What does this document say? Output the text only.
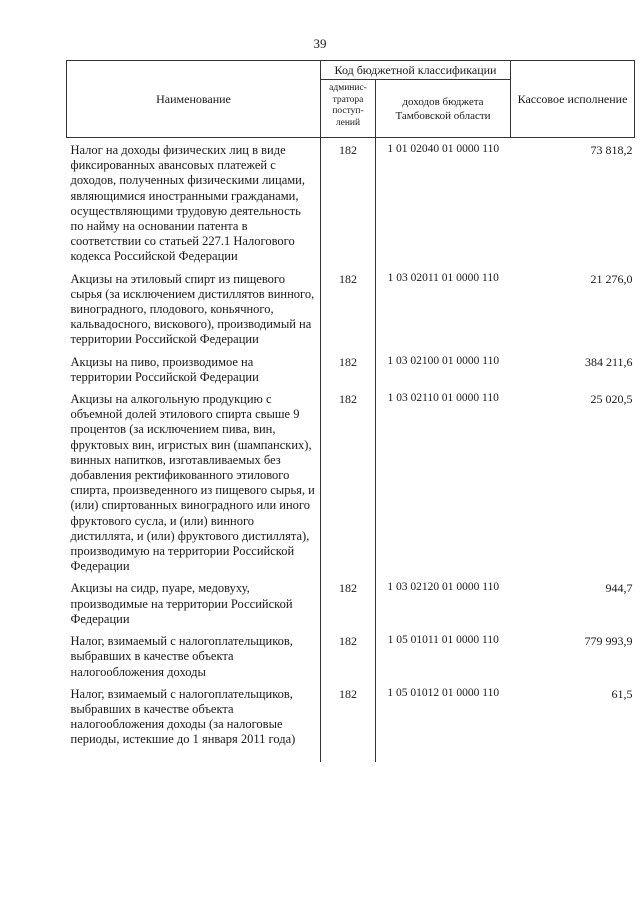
39
Наименование	Код бюджетной классификации		Кассовое исполнение
	админис-тратора поступ-лений	доходов бюджета Тамбовской области	
Налог на доходы физических лиц в виде фиксированных авансовых платежей с доходов, полученных физическими лицами, являющимися иностранными гражданами, осуществляющими трудовую деятельность по найму на основании патента в соответствии со статьей 227.1 Налогового кодекса Российской Федерации	182	1 01 02040 01 0000 110	73 818,2
Акцизы на этиловый спирт из пищевого сырья (за исключением дистиллятов винного, виноградного, плодового, коньячного, кальвадосного, вискового), производимый на территории Российской Федерации	182	1 03 02011 01 0000 110	21 276,0
Акцизы на пиво, производимое на территории Российской Федерации	182	1 03 02100 01 0000 110	384 211,6
Акцизы на алкогольную продукцию с объемной долей этилового спирта свыше 9 процентов (за исключением пива, вин, фруктовых вин, игристых вин (шампанских), винных напитков, изготавливаемых без добавления ректификованного этилового спирта, произведенного из пищевого сырья, и (или) спиртованных виноградного или иного фруктового сусла, и (или) винного дистиллята, и (или) фруктового дистиллята), производимую на территории Российской Федерации	182	1 03 02110 01 0000 110	25 020,5
Акцизы на сидр, пуаре, медовуху, производимые на территории Российской Федерации	182	1 03 02120 01 0000 110	944,7
Налог, взимаемый с налогоплательщиков, выбравших в качестве объекта налогообложения доходы	182	1 05 01011 01 0000 110	779 993,9
Налог, взимаемый с налогоплательщиков, выбравших в качестве объекта налогообложения доходы (за налоговые периоды, истекшие до 1 января 2011 года)	182	1 05 01012 01 0000 110	61,5
